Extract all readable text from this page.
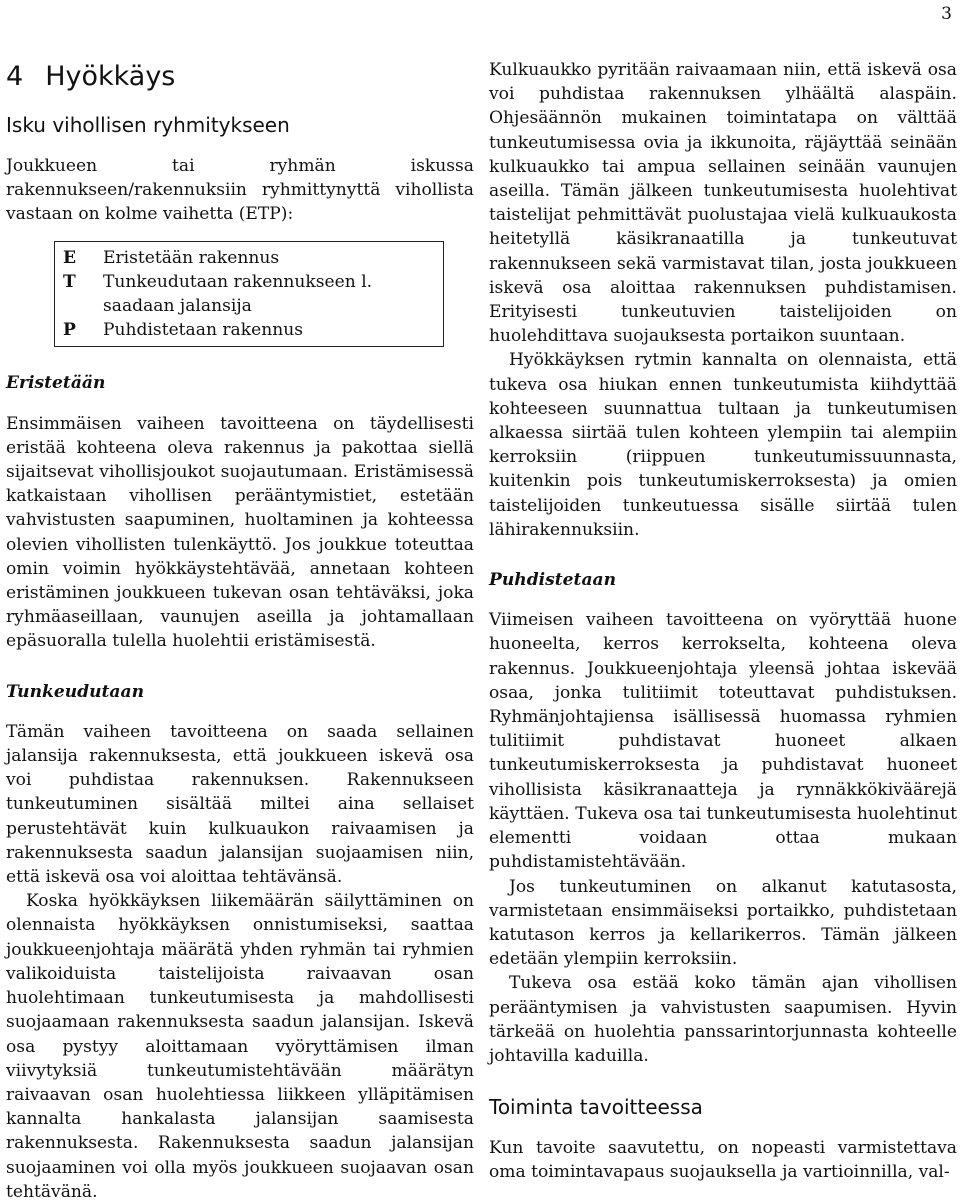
3
4 Hyökkäys
Isku vihollisen ryhmitykseen

Joukkueen tai ryhmän iskussa rakennukseen/rakennuksiin ryhmittynyttä vihollista vastaan on kolme vaihetta (ETP):

E	Eristetään rakennus
T	Tunkeudutaan rakennukseen l. saadaan jalansija
P	Puhdistetaan rakennus
Eristetään

Ensimmäisen vaiheen tavoitteena on täydellisesti eristää kohteena oleva rakennus ja pakottaa siellä sijaitsevat vihollisjoukot suojautumaan. Eristämisessä katkaistaan vihollisen perääntymistiet, estetään vahvistusten saapuminen, huoltaminen ja kohteessa olevien vihollisten tulenkäyttö. Jos joukkue toteuttaa omin voimin hyökkäystehtävää, annetaan kohteen eristäminen joukkueen tukevan osan tehtäväksi, joka ryhmäaseillaan, vaunujen aseilla ja johtamallaan epäsuoralla tulella huolehtii eristämisestä.

Tunkeudutaan

Tämän vaiheen tavoitteena on saada sellainen jalansija rakennuksesta, että joukkueen iskevä osa voi puhdistaa rakennuksen. Rakennukseen tunkeutuminen sisältää miltei aina sellaiset perustehtävät kuin kulkuaukon raivaamisen ja rakennuksesta saadun jalansijan suojaamisen niin, että iskevä osa voi aloittaa tehtävänsä.

Koska hyökkäyksen liikemäärän säilyttäminen on olennaista hyökkäyksen onnistumiseksi, saattaa joukkueenjohtaja määrätä yhden ryhmän tai ryhmien valikoiduista taistelijoista raivaavan osan huolehtimaan tunkeutumisesta ja mahdollisesti suojaamaan rakennuksesta saadun jalansijan. Iskevä osa pystyy aloittamaan vyöryttämisen ilman viivytyksiä tunkeutumistehtävään määrätyn raivaavan osan huolehtiessa liikkeen ylläpitämisen kannalta hankalasta jalansijan saamisesta rakennuksesta. Rakennuksesta saadun jalansijan suojaaminen voi olla myös joukkueen suojaavan osan tehtävänä.

Kulkuaukko pyritään raivaamaan niin, että iskevä osa voi puhdistaa rakennuksen ylhäältä alaspäin. Ohjesäännön mukainen toimintatapa on välttää tunkeutumisessa ovia ja ikkunoita, räjäyttää seinään kulkuaukko tai ampua sellainen seinään vaunujen aseilla. Tämän jälkeen tunkeutumisesta huolehtivat taistelijat pehmittävät puolustajaa vielä kulkuaukosta heitetyllä käsikranaatilla ja tunkeutuvat rakennukseen sekä varmistavat tilan, josta joukkueen iskevä osa aloittaa rakennuksen puhdistamisen. Erityisesti tunkeutuvien taistelijoiden on huolehdittava suojauksesta portaikon suuntaan.

Hyökkäyksen rytmin kannalta on olennaista, että tukeva osa hiukan ennen tunkeutumista kiihdyttää kohteeseen suunnattua tultaan ja tunkeutumisen alkaessa siirtää tulen kohteen ylempiin tai alempiin kerroksiin (riippuen tunkeutumissuunnasta, kuitenkin pois tunkeutumiskerroksesta) ja omien taistelijoiden tunkeutuessa sisälle siirtää tulen lähirakennuksiin.

Puhdistetaan

Viimeisen vaiheen tavoitteena on vyöryttää huone huoneelta, kerros kerrokselta, kohteena oleva rakennus. Joukkueenjohtaja yleensä johtaa iskevää osaa, jonka tulitiimit toteuttavat puhdistuksen. Ryhmänjohtajiensa isällisessä huomassa ryhmien tulitiimit puhdistavat huoneet alkaen tunkeutumiskerroksesta ja puhdistavat huoneet vihollisista käsikranaatteja ja rynnäkkökiväärejä käyttäen. Tukeva osa tai tunkeutumisesta huolehtinut elementti voidaan ottaa mukaan puhdistamistehtävään.

Jos tunkeutuminen on alkanut katutasosta, varmistetaan ensimmäiseksi portaikko, puhdistetaan katutason kerros ja kellarikerros. Tämän jälkeen edetään ylempiin kerroksiin.

Tukeva osa estää koko tämän ajan vihollisen perääntymisen ja vahvistusten saapumisen. Hyvin tärkeää on huolehtia panssarintorjunnasta kohteelle johtavilla kaduilla.

Toiminta tavoitteessa

Kun tavoite saavutettu, on nopeasti varmistettava oma toimintavapaus suojauksella ja vartioinnilla, val-
